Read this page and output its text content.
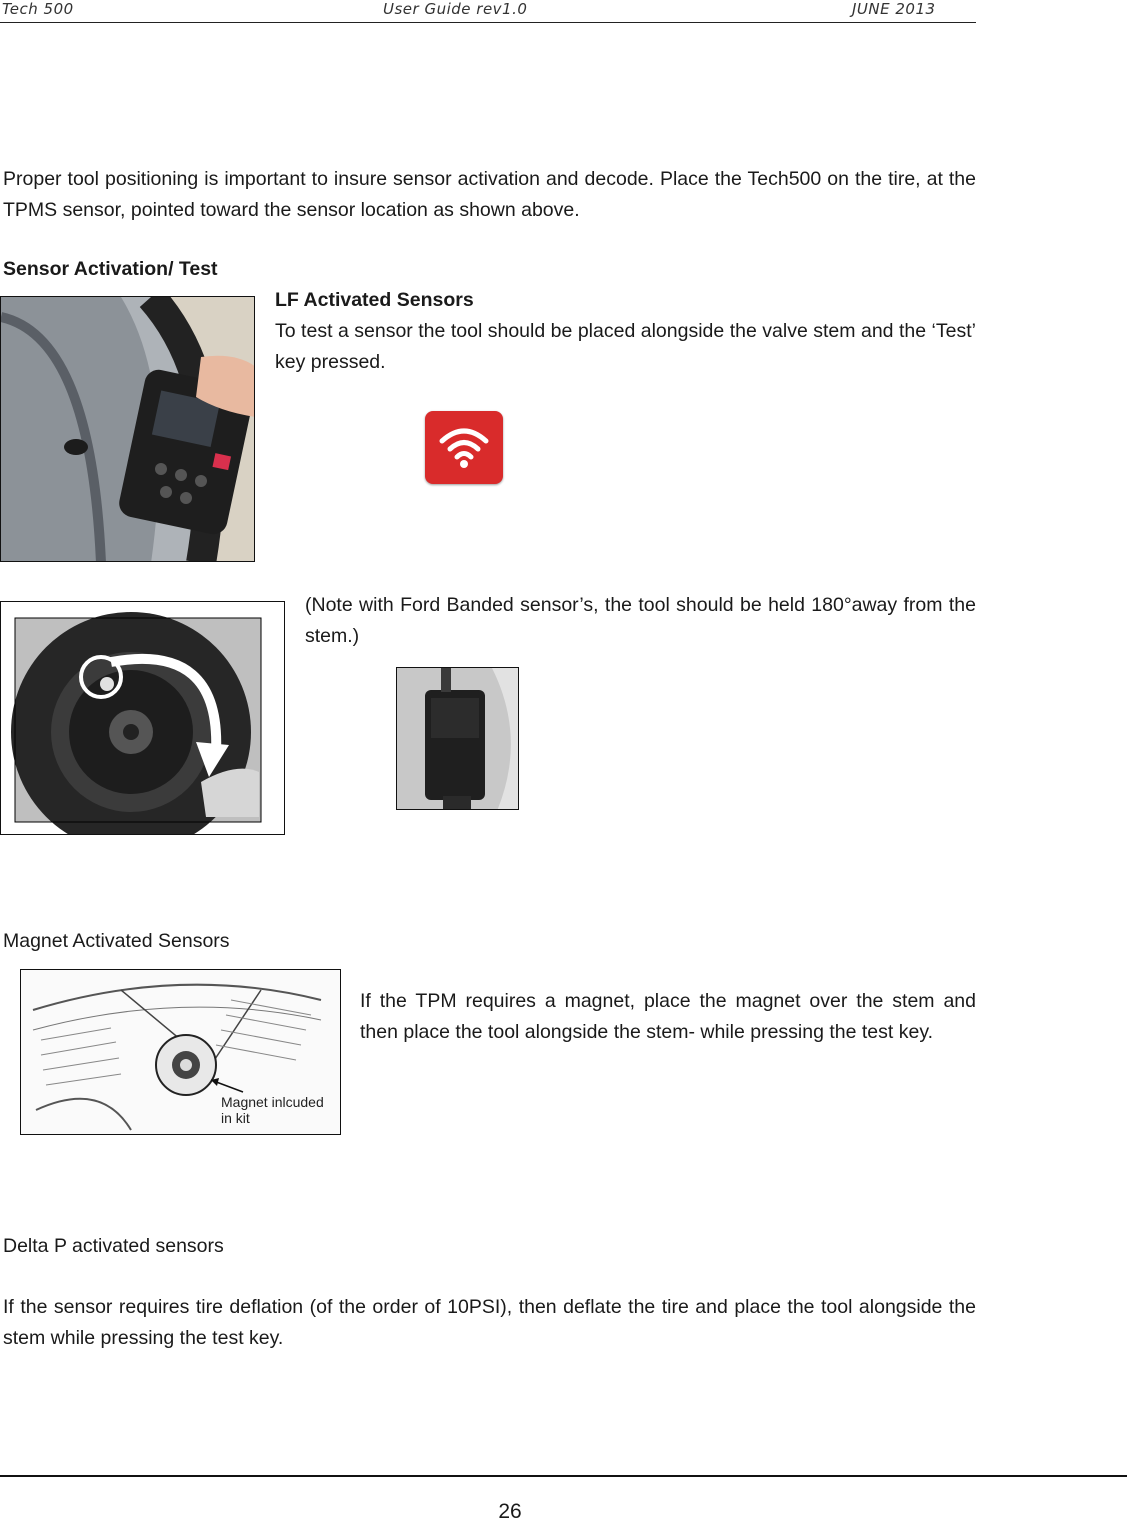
Tech 500	User Guide rev1.0	JUNE 2013

Proper tool positioning is important to insure sensor activation and decode. Place the Tech500 on the tire, at the TPMS sensor, pointed toward the sensor location as shown above.

Sensor Activation/ Test
LF Activated Sensors

To test a sensor the tool should be placed alongside the valve stem and the ‘Test’ key pressed.

(Note with Ford Banded sensor’s, the tool should be held 180°away from the stem.)

Magnet Activated Sensors
Magnet inlcuded
in kit

If the TPM requires a magnet, place the magnet over the stem and then place the tool alongside the stem- while pressing the test key.

Delta P activated sensors

If the sensor requires tire deflation (of the order of 10PSI), then deflate the tire and place the tool alongside the stem while pressing the test key.

26
